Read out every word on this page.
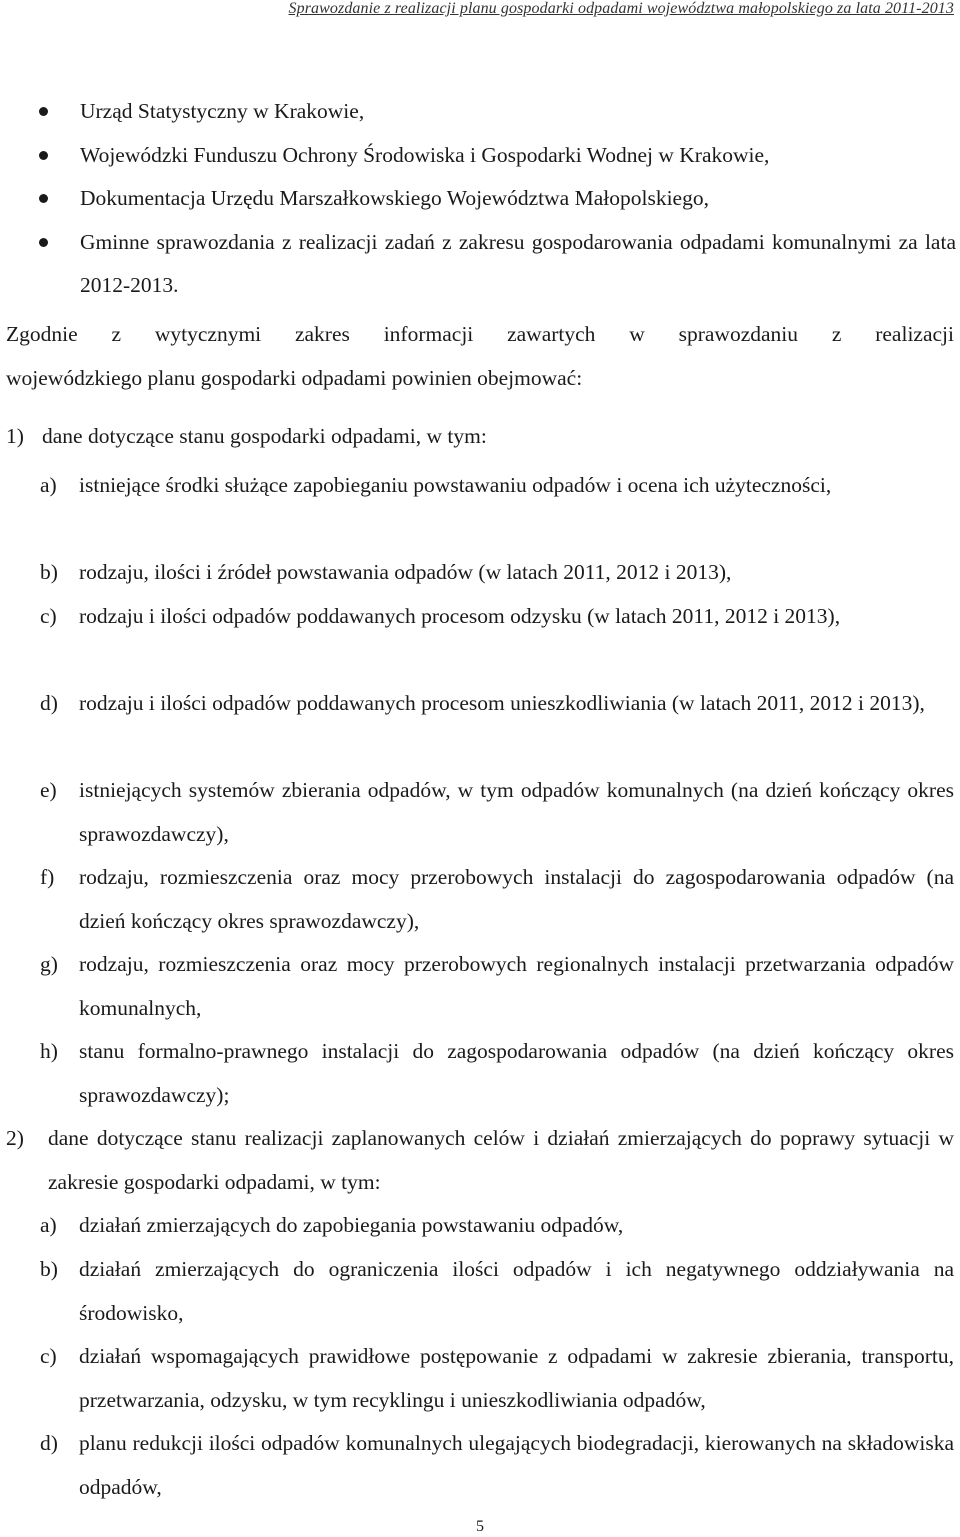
Sprawozdanie z realizacji planu gospodarki odpadami województwa małopolskiego za lata 2011-2013
Urząd Statystyczny w Krakowie,
Wojewódzki Funduszu Ochrony Środowiska i Gospodarki Wodnej w Krakowie,
Dokumentacja Urzędu Marszałkowskiego Województwa Małopolskiego,
Gminne sprawozdania z realizacji zadań z zakresu gospodarowania odpadami komunalnymi za lata 2012-2013.
Zgodnie z wytycznymi zakres informacji zawartych w sprawozdaniu z realizacji
wojewódzkiego planu gospodarki odpadami powinien obejmować:
1) dane dotyczące stanu gospodarki odpadami, w tym:
a) istniejące środki służące zapobieganiu powstawaniu odpadów i ocena ich użyteczności,
b) rodzaju, ilości i źródeł powstawania odpadów (w latach 2011, 2012 i 2013),
c) rodzaju i ilości odpadów poddawanych procesom odzysku (w latach 2011, 2012 i 2013),
d) rodzaju i ilości odpadów poddawanych procesom unieszkodliwiania (w latach 2011, 2012 i 2013),
e) istniejących systemów zbierania odpadów, w tym odpadów komunalnych (na dzień kończący okres sprawozdawczy),
f) rodzaju, rozmieszczenia oraz mocy przerobowych instalacji do zagospodarowania odpadów (na dzień kończący okres sprawozdawczy),
g) rodzaju, rozmieszczenia oraz mocy przerobowych regionalnych instalacji przetwarzania odpadów komunalnych,
h) stanu formalno-prawnego instalacji do zagospodarowania odpadów (na dzień kończący okres sprawozdawczy);
2) dane dotyczące stanu realizacji zaplanowanych celów i działań zmierzających do poprawy sytuacji w zakresie gospodarki odpadami, w tym:
a) działań zmierzających do zapobiegania powstawaniu odpadów,
b) działań zmierzających do ograniczenia ilości odpadów i ich negatywnego oddziaływania na środowisko,
c) działań wspomagających prawidłowe postępowanie z odpadami w zakresie zbierania, transportu, przetwarzania, odzysku, w tym recyklingu i unieszkodliwiania odpadów,
d) planu redukcji ilości odpadów komunalnych ulegających biodegradacji, kierowanych na składowiska odpadów,
5
